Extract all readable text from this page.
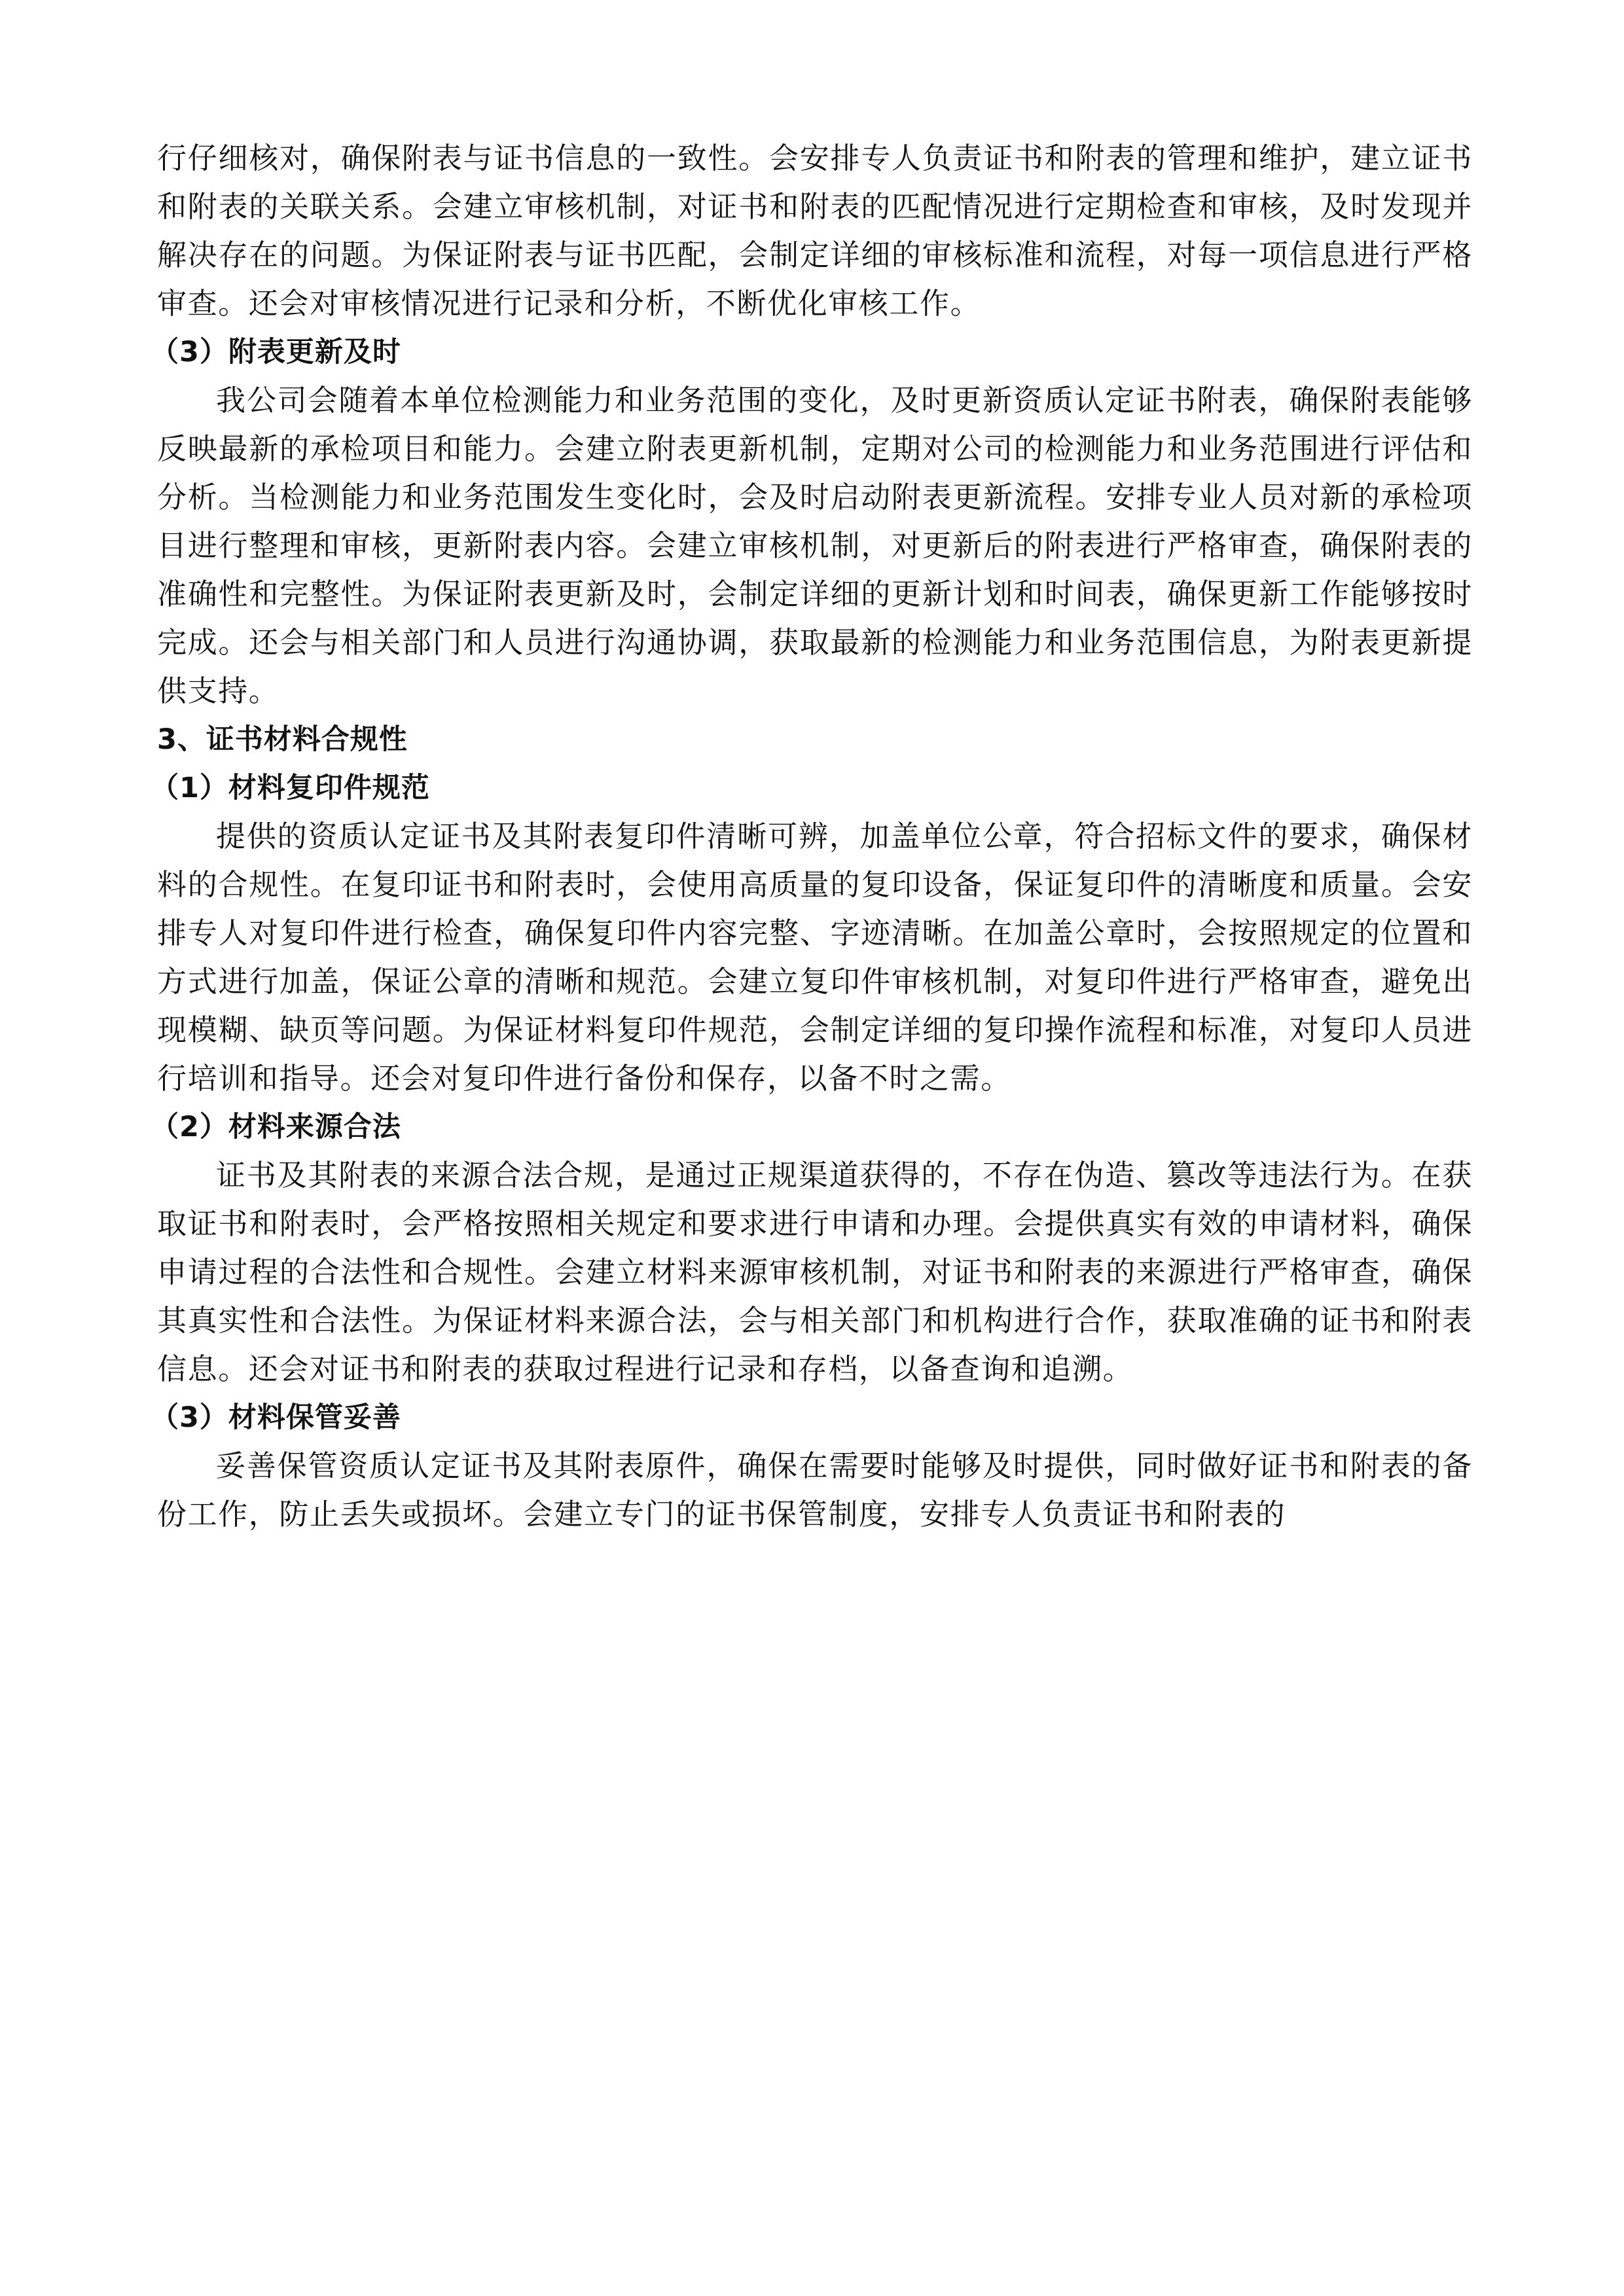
行仔细核对，确保附表与证书信息的一致性。会安排专人负责证书和附表的管理和维护，建立证书和附表的关联关系。会建立审核机制，对证书和附表的匹配情况进行定期检查和审核，及时发现并解决存在的问题。为保证附表与证书匹配，会制定详细的审核标准和流程，对每一项信息进行严格审查。还会对审核情况进行记录和分析，不断优化审核工作。

（3）附表更新及时

我公司会随着本单位检测能力和业务范围的变化，及时更新资质认定证书附表，确保附表能够反映最新的承检项目和能力。会建立附表更新机制，定期对公司的检测能力和业务范围进行评估和分析。当检测能力和业务范围发生变化时，会及时启动附表更新流程。安排专业人员对新的承检项目进行整理和审核，更新附表内容。会建立审核机制，对更新后的附表进行严格审查，确保附表的准确性和完整性。为保证附表更新及时，会制定详细的更新计划和时间表，确保更新工作能够按时完成。还会与相关部门和人员进行沟通协调，获取最新的检测能力和业务范围信息，为附表更新提供支持。

3、证书材料合规性

（1）材料复印件规范

提供的资质认定证书及其附表复印件清晰可辨，加盖单位公章，符合招标文件的要求，确保材料的合规性。在复印证书和附表时，会使用高质量的复印设备，保证复印件的清晰度和质量。会安排专人对复印件进行检查，确保复印件内容完整、字迹清晰。在加盖公章时，会按照规定的位置和方式进行加盖，保证公章的清晰和规范。会建立复印件审核机制，对复印件进行严格审查，避免出现模糊、缺页等问题。为保证材料复印件规范，会制定详细的复印操作流程和标准，对复印人员进行培训和指导。还会对复印件进行备份和保存，以备不时之需。

（2）材料来源合法

证书及其附表的来源合法合规，是通过正规渠道获得的，不存在伪造、篡改等违法行为。在获取证书和附表时，会严格按照相关规定和要求进行申请和办理。会提供真实有效的申请材料，确保申请过程的合法性和合规性。会建立材料来源审核机制，对证书和附表的来源进行严格审查，确保其真实性和合法性。为保证材料来源合法，会与相关部门和机构进行合作，获取准确的证书和附表信息。还会对证书和附表的获取过程进行记录和存档，以备查询和追溯。

（3）材料保管妥善

妥善保管资质认定证书及其附表原件，确保在需要时能够及时提供，同时做好证书和附表的备份工作，防止丢失或损坏。会建立专门的证书保管制度，安排专人负责证书和附表的
